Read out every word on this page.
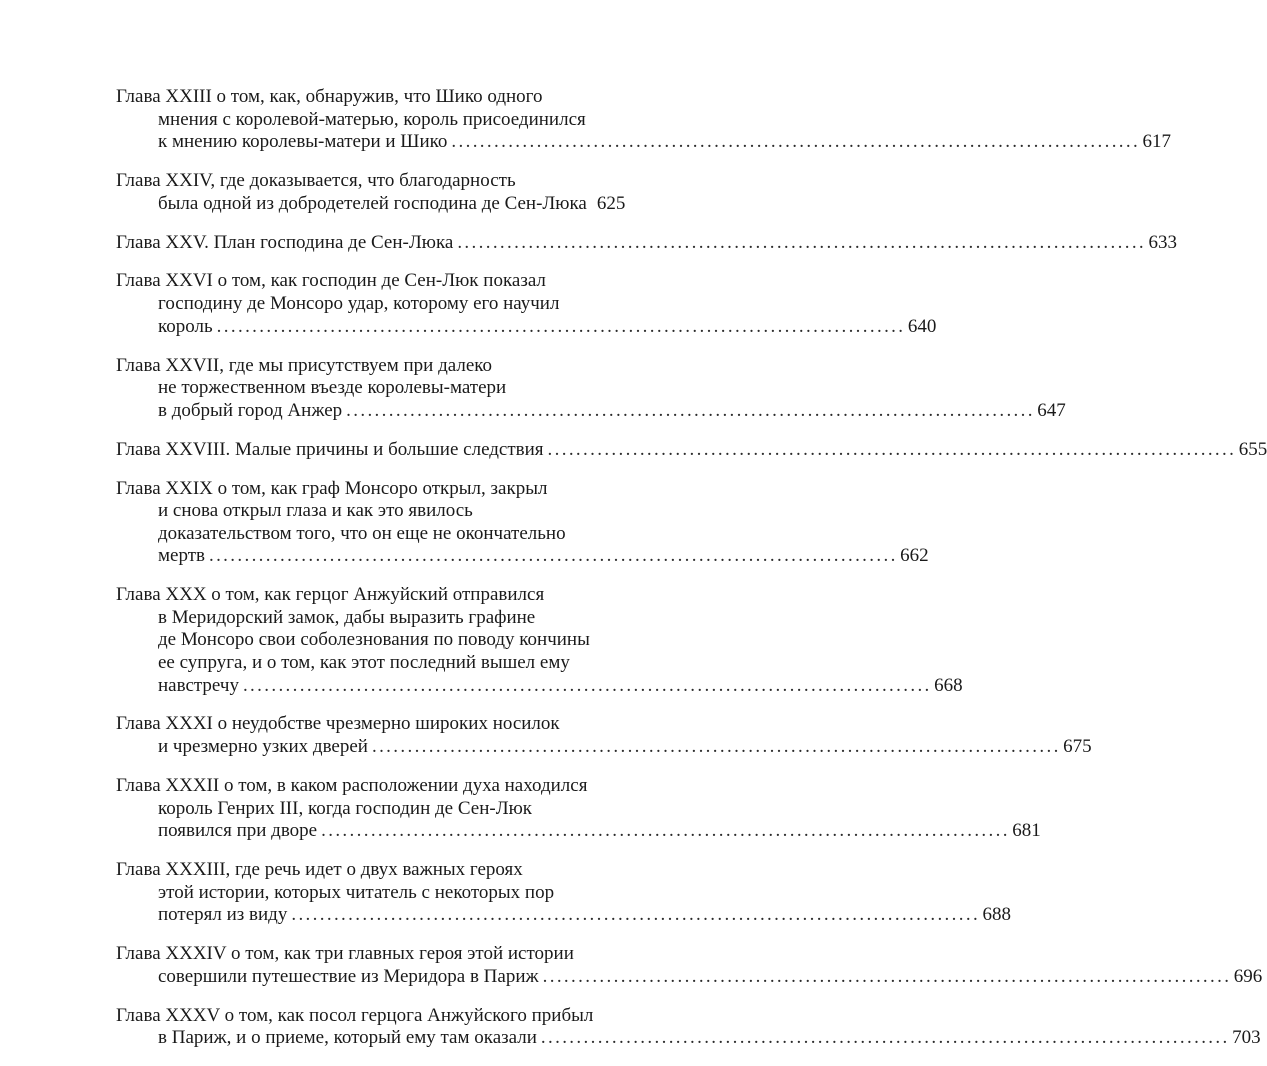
Глава XXIII о том, как, обнаружив, что Шико одного
мнения с королевой-матерью, король присоединился
к мнению королевы-матери и Шико . . .	617
Глава XXIV, где доказывается, что благодарность
была одной из добродетелей господина де Сен-Люка 625
Глава XXV. План господина де Сен-Люка . . .	633
Глава XXVI о том, как господин де Сен-Люк показал
господину де Монсоро удар, которому его научил
король . . .	640
Глава XXVII, где мы присутствуем при далеко
не торжественном въезде королевы-матери
в добрый город Анжер . . .	647
Глава XXVIII. Малые причины и большие следствия . . .	655
Глава XXIX о том, как граф Монсоро открыл, закрыл
и снова открыл глаза и как это явилось
доказательством того, что он еще не окончательно
мертв . . .	662
Глава XXX о том, как герцог Анжуйский отправился
в Меридорский замок, дабы выразить графине
де Монсоро свои соболезнования по поводу кончины
ее супруга, и о том, как этот последний вышел ему
навстречу . . .	668
Глава XXXI о неудобстве чрезмерно широких носилок
и чрезмерно узких дверей . . .	675
Глава XXXII о том, в каком расположении духа находился
король Генрих III, когда господин де Сен-Люк
появился при дворе . . .	681
Глава XXXIII, где речь идет о двух важных героях
этой истории, которых читатель с некоторых пор
потерял из виду . . .	688
Глава XXXIV о том, как три главных героя этой истории
совершили путешествие из Меридора в Париж . . .	696
Глава XXXV о том, как посол герцога Анжуйского прибыл
в Париж, и о приеме, который ему там оказали . . .	703
